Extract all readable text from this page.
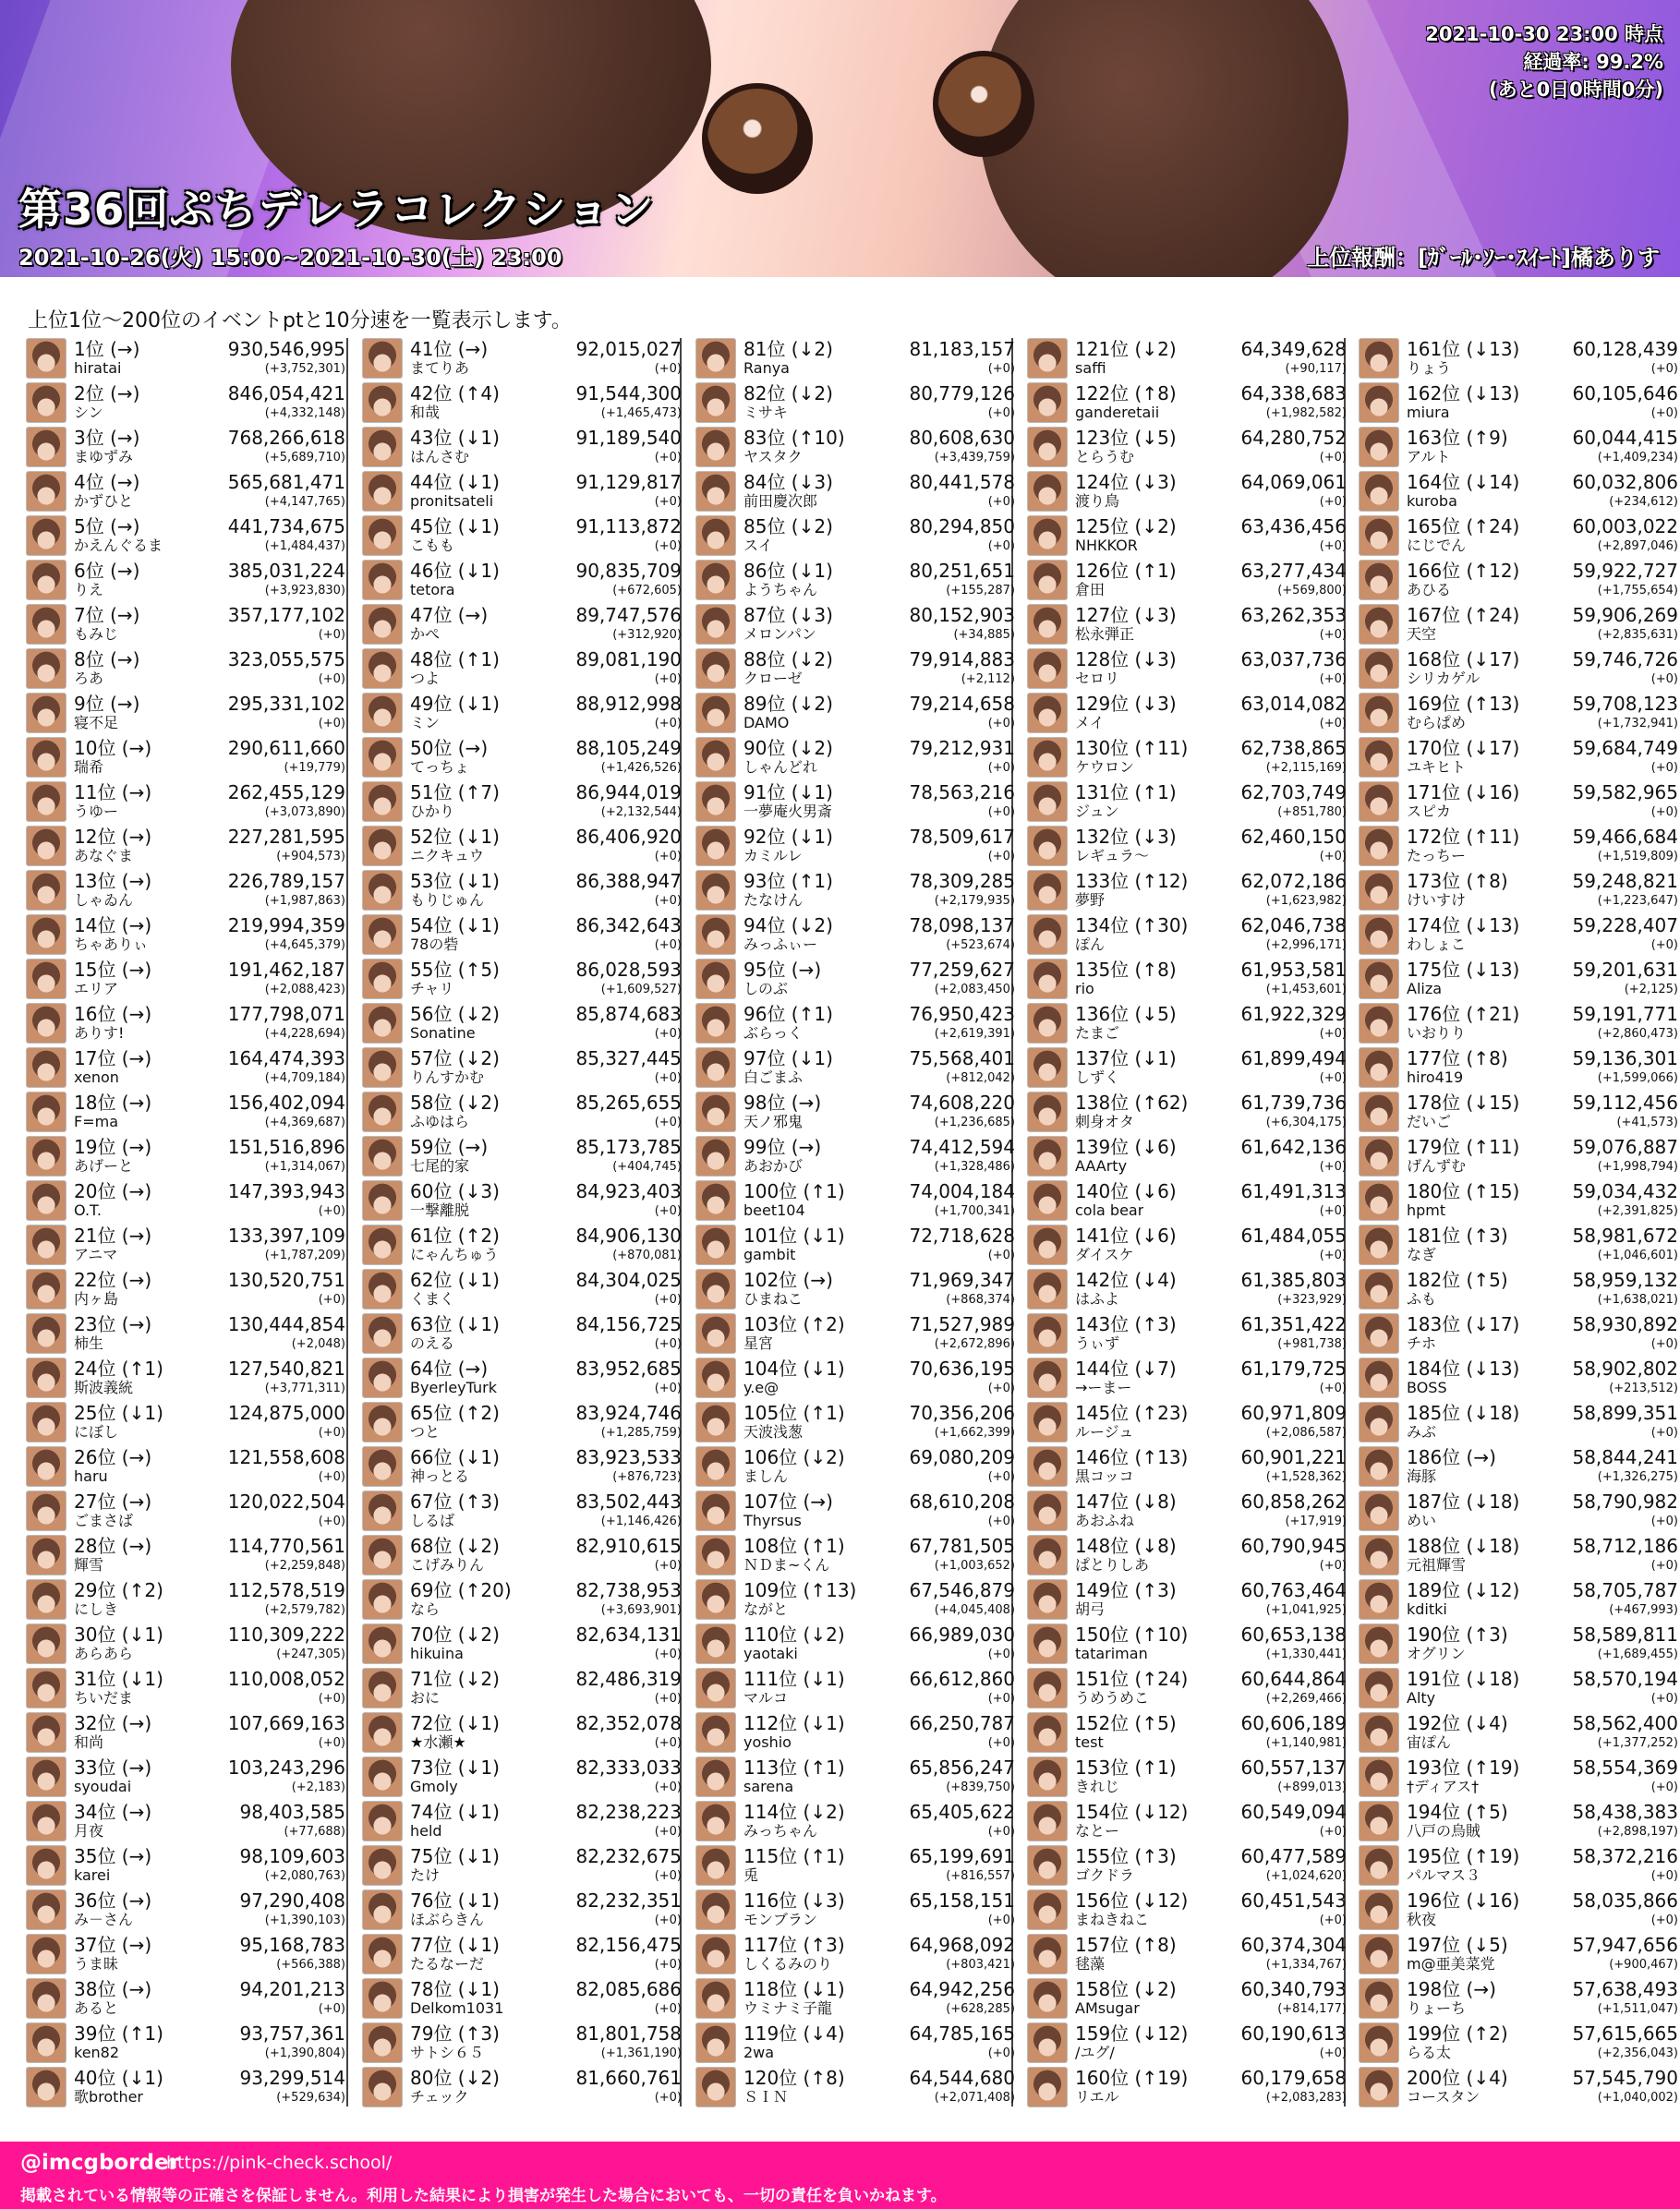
第36回ぷちデレラコレクション
2021-10-26(火) 15:00~2021-10-30(土) 23:00	上位報酬：[ｶﾞｰﾙ･ｿｰ･ｽｲｰﾄ]橘ありす
2021-10-30 23:00 時点
経過率: 99.2%
(あと0日0時間0分)
上位1位～200位のイベントptと10分速を一覧表示します。
1位 (→)
hiratai
930,546,995
(+3,752,301)
2位 (→)
シン
846,054,421
(+4,332,148)
3位 (→)
まゆずみ
768,266,618
(+5,689,710)
4位 (→)
かずひと
565,681,471
(+4,147,765)
5位 (→)
かえんぐるま
441,734,675
(+1,484,437)
6位 (→)
りえ
385,031,224
(+3,923,830)
7位 (→)
もみじ
357,177,102
(+0)
8位 (→)
ろあ
323,055,575
(+0)
9位 (→)
寝不足
295,331,102
(+0)
10位 (→)
瑞希
290,611,660
(+19,779)
11位 (→)
うゆー
262,455,129
(+3,073,890)
12位 (→)
あなぐま
227,281,595
(+904,573)
13位 (→)
しゃゐん
226,789,157
(+1,987,863)
14位 (→)
ちゃありぃ
219,994,359
(+4,645,379)
15位 (→)
エリア
191,462,187
(+2,088,423)
16位 (→)
ありす!
177,798,071
(+4,228,694)
17位 (→)
xenon
164,474,393
(+4,709,184)
18位 (→)
F=ma
156,402,094
(+4,369,687)
19位 (→)
あげーと
151,516,896
(+1,314,067)
20位 (→)
O.T.
147,393,943
(+0)
21位 (→)
アニマ
133,397,109
(+1,787,209)
22位 (→)
内ヶ島
130,520,751
(+0)
23位 (→)
柿生
130,444,854
(+2,048)
24位 (↑1)
斯波義統
127,540,821
(+3,771,311)
25位 (↓1)
にぼし
124,875,000
(+0)
26位 (→)
haru
121,558,608
(+0)
27位 (→)
ごまさば
120,022,504
(+0)
28位 (→)
輝雪
114,770,561
(+2,259,848)
29位 (↑2)
にしき
112,578,519
(+2,579,782)
30位 (↓1)
あらあら
110,309,222
(+247,305)
31位 (↓1)
ちいだま
110,008,052
(+0)
32位 (→)
和尚
107,669,163
(+0)
33位 (→)
syoudai
103,243,296
(+2,183)
34位 (→)
月夜
98,403,585
(+77,688)
35位 (→)
karei
98,109,603
(+2,080,763)
36位 (→)
み－さん
97,290,408
(+1,390,103)
37位 (→)
うま昧
95,168,783
(+566,388)
38位 (→)
あると
94,201,213
(+0)
39位 (↑1)
ken82
93,757,361
(+1,390,804)
40位 (↓1)
歌brother
93,299,514
(+529,634)
41位 (→)
まてりあ
92,015,027
(+0)
42位 (↑4)
和哉
91,544,300
(+1,465,473)
43位 (↓1)
はんさむ
91,189,540
(+0)
44位 (↓1)
pronitsateli
91,129,817
(+0)
45位 (↓1)
こもも
91,113,872
(+0)
46位 (↓1)
tetora
90,835,709
(+672,605)
47位 (→)
かぺ
89,747,576
(+312,920)
48位 (↑1)
つよ
89,081,190
(+0)
49位 (↓1)
ミン
88,912,998
(+0)
50位 (→)
てっちょ
88,105,249
(+1,426,526)
51位 (↑7)
ひかり
86,944,019
(+2,132,544)
52位 (↓1)
ニクキュウ
86,406,920
(+0)
53位 (↓1)
もりじゅん
86,388,947
(+0)
54位 (↓1)
78の砦
86,342,643
(+0)
55位 (↑5)
チャリ
86,028,593
(+1,609,527)
56位 (↓2)
Sonatine
85,874,683
(+0)
57位 (↓2)
りんすかむ
85,327,445
(+0)
58位 (↓2)
ふゆはら
85,265,655
(+0)
59位 (→)
七尾的家
85,173,785
(+404,745)
60位 (↓3)
一撃離脱
84,923,403
(+0)
61位 (↑2)
にゃんちゅう
84,906,130
(+870,081)
62位 (↓1)
くまく
84,304,025
(+0)
63位 (↓1)
のえる
84,156,725
(+0)
64位 (→)
ByerleyTurk
83,952,685
(+0)
65位 (↑2)
つと
83,924,746
(+1,285,759)
66位 (↓1)
神っとる
83,923,533
(+876,723)
67位 (↑3)
しるば
83,502,443
(+1,146,426)
68位 (↓2)
こげみりん
82,910,615
(+0)
69位 (↑20)
なら
82,738,953
(+3,693,901)
70位 (↓2)
hikuina
82,634,131
(+0)
71位 (↓2)
おに
82,486,319
(+0)
72位 (↓1)
★水瀬★
82,352,078
(+0)
73位 (↓1)
Gmoly
82,333,033
(+0)
74位 (↓1)
held
82,238,223
(+0)
75位 (↓1)
たけ
82,232,675
(+0)
76位 (↓1)
ほぶらきん
82,232,351
(+0)
77位 (↓1)
たるなーだ
82,156,475
(+0)
78位 (↓1)
Delkom1031
82,085,686
(+0)
79位 (↑3)
サトシ６５
81,801,758
(+1,361,190)
80位 (↓2)
チェック
81,660,761
(+0)
81位 (↓2)
Ranya
81,183,157
(+0)
82位 (↓2)
ミサキ
80,779,126
(+0)
83位 (↑10)
ヤスタク
80,608,630
(+3,439,759)
84位 (↓3)
前田慶次郎
80,441,578
(+0)
85位 (↓2)
スイ
80,294,850
(+0)
86位 (↓1)
ようちゃん
80,251,651
(+155,287)
87位 (↓3)
メロンパン
80,152,903
(+34,885)
88位 (↓2)
クローゼ
79,914,883
(+2,112)
89位 (↓2)
DAMO
79,214,658
(+0)
90位 (↓2)
しゃんどれ
79,212,931
(+0)
91位 (↓1)
一夢庵火男斎
78,563,216
(+0)
92位 (↓1)
カミルレ
78,509,617
(+0)
93位 (↑1)
たなけん
78,309,285
(+2,179,935)
94位 (↓2)
みっふぃー
78,098,137
(+523,674)
95位 (→)
しのぶ
77,259,627
(+2,083,450)
96位 (↑1)
ぶらっく
76,950,423
(+2,619,391)
97位 (↓1)
白ごまふ
75,568,401
(+812,042)
98位 (→)
天ノ邪鬼
74,608,220
(+1,236,685)
99位 (→)
あおかび
74,412,594
(+1,328,486)
100位 (↑1)
beet104
74,004,184
(+1,700,341)
101位 (↓1)
gambit
72,718,628
(+0)
102位 (→)
ひまねこ
71,969,347
(+868,374)
103位 (↑2)
星宮
71,527,989
(+2,672,896)
104位 (↓1)
y.e@
70,636,195
(+0)
105位 (↑1)
天波浅葱
70,356,206
(+1,662,399)
106位 (↓2)
ましん
69,080,209
(+0)
107位 (→)
Thyrsus
68,610,208
(+0)
108位 (↑1)
ＮＤま~くん
67,781,505
(+1,003,652)
109位 (↑13)
ながと
67,546,879
(+4,045,408)
110位 (↓2)
yaotaki
66,989,030
(+0)
111位 (↓1)
マルコ
66,612,860
(+0)
112位 (↓1)
yoshio
66,250,787
(+0)
113位 (↑1)
sarena
65,856,247
(+839,750)
114位 (↓2)
みっちゃん
65,405,622
(+0)
115位 (↑1)
兎
65,199,691
(+816,557)
116位 (↓3)
モンブラン
65,158,151
(+0)
117位 (↑3)
しくるみのり
64,968,092
(+803,421)
118位 (↓1)
ウミナミ子龍
64,942,256
(+628,285)
119位 (↓4)
2wa
64,785,165
(+0)
120位 (↑8)
ＳＩＮ
64,544,680
(+2,071,408)
121位 (↓2)
saffi
64,349,628
(+90,117)
122位 (↑8)
ganderetaii
64,338,683
(+1,982,582)
123位 (↓5)
とらうむ
64,280,752
(+0)
124位 (↓3)
渡り鳥
64,069,061
(+0)
125位 (↓2)
NHKKOR
63,436,456
(+0)
126位 (↑1)
倉田
63,277,434
(+569,800)
127位 (↓3)
松永弾正
63,262,353
(+0)
128位 (↓3)
セロリ
63,037,736
(+0)
129位 (↓3)
メイ
63,014,082
(+0)
130位 (↑11)
ケウロン
62,738,865
(+2,115,169)
131位 (↑1)
ジュン
62,703,749
(+851,780)
132位 (↓3)
レギュラ～
62,460,150
(+0)
133位 (↑12)
夢野
62,072,186
(+1,623,982)
134位 (↑30)
ぽん
62,046,738
(+2,996,171)
135位 (↑8)
rio
61,953,581
(+1,453,601)
136位 (↓5)
たまご
61,922,329
(+0)
137位 (↓1)
しずく
61,899,494
(+0)
138位 (↑62)
刺身オタ
61,739,736
(+6,304,175)
139位 (↓6)
AAArty
61,642,136
(+0)
140位 (↓6)
cola bear
61,491,313
(+0)
141位 (↓6)
ダイスケ
61,484,055
(+0)
142位 (↓4)
はふよ
61,385,803
(+323,929)
143位 (↑3)
うぃず
61,351,422
(+981,738)
144位 (↓7)
→ーまー
61,179,725
(+0)
145位 (↑23)
ルージュ
60,971,809
(+2,086,587)
146位 (↑13)
黒コッコ
60,901,221
(+1,528,362)
147位 (↓8)
あおふね
60,858,262
(+17,919)
148位 (↓8)
ぱとりしあ
60,790,945
(+0)
149位 (↑3)
胡弓
60,763,464
(+1,041,925)
150位 (↑10)
tatariman
60,653,138
(+1,330,441)
151位 (↑24)
うめうめこ
60,644,864
(+2,269,466)
152位 (↑5)
test
60,606,189
(+1,140,981)
153位 (↑1)
きれじ
60,557,137
(+899,013)
154位 (↓12)
なとー
60,549,094
(+0)
155位 (↑3)
ゴクドラ
60,477,589
(+1,024,620)
156位 (↓12)
まねきねこ
60,451,543
(+0)
157位 (↑8)
毬藻
60,374,304
(+1,334,767)
158位 (↓2)
AMsugar
60,340,793
(+814,177)
159位 (↓12)
/ユグ/
60,190,613
(+0)
160位 (↑19)
リエル
60,179,658
(+2,083,283)
161位 (↓13)
りょう
60,128,439
(+0)
162位 (↓13)
miura
60,105,646
(+0)
163位 (↑9)
アルト
60,044,415
(+1,409,234)
164位 (↓14)
kuroba
60,032,806
(+234,612)
165位 (↑24)
にじでん
60,003,022
(+2,897,046)
166位 (↑12)
あひる
59,922,727
(+1,755,654)
167位 (↑24)
天空
59,906,269
(+2,835,631)
168位 (↓17)
シリカゲル
59,746,726
(+0)
169位 (↑13)
むらぱめ
59,708,123
(+1,732,941)
170位 (↓17)
ユキヒト
59,684,749
(+0)
171位 (↓16)
スピカ
59,582,965
(+0)
172位 (↑11)
たっちー
59,466,684
(+1,519,809)
173位 (↑8)
けいすけ
59,248,821
(+1,223,647)
174位 (↓13)
わしょこ
59,228,407
(+0)
175位 (↓13)
Aliza
59,201,631
(+2,125)
176位 (↑21)
いおりり
59,191,771
(+2,860,473)
177位 (↑8)
hiro419
59,136,301
(+1,599,066)
178位 (↓15)
だいご
59,112,456
(+41,573)
179位 (↑11)
げんずむ
59,076,887
(+1,998,794)
180位 (↑15)
hpmt
59,034,432
(+2,391,825)
181位 (↑3)
なぎ
58,981,672
(+1,046,601)
182位 (↑5)
ふも
58,959,132
(+1,638,021)
183位 (↓17)
チホ
58,930,892
(+0)
184位 (↓13)
BOSS
58,902,802
(+213,512)
185位 (↓18)
みぶ
58,899,351
(+0)
186位 (→)
海豚
58,844,241
(+1,326,275)
187位 (↓18)
めい
58,790,982
(+0)
188位 (↓18)
元祖輝雪
58,712,186
(+0)
189位 (↓12)
kditki
58,705,787
(+467,993)
190位 (↑3)
オグリン
58,589,811
(+1,689,455)
191位 (↓18)
Alty
58,570,194
(+0)
192位 (↓4)
宙ぽん
58,562,400
(+1,377,252)
193位 (↑19)
†ディアス†
58,554,369
(+0)
194位 (↑5)
八戸の烏賊
58,438,383
(+2,898,197)
195位 (↑19)
パルマス３
58,372,216
(+0)
196位 (↓16)
秋夜
58,035,866
(+0)
197位 (↓5)
m@亜美菜党
57,947,656
(+900,467)
198位 (→)
りょーち
57,638,493
(+1,511,047)
199位 (↑2)
らる太
57,615,665
(+2,356,043)
200位 (↓4)
コースタン
57,545,790
(+1,040,002)
@imcgborder
https://pink-check.school/
掲載されている情報等の正確さを保証しません。利用した結果により損害が発生した場合においても、一切の責任を負いかねます。
